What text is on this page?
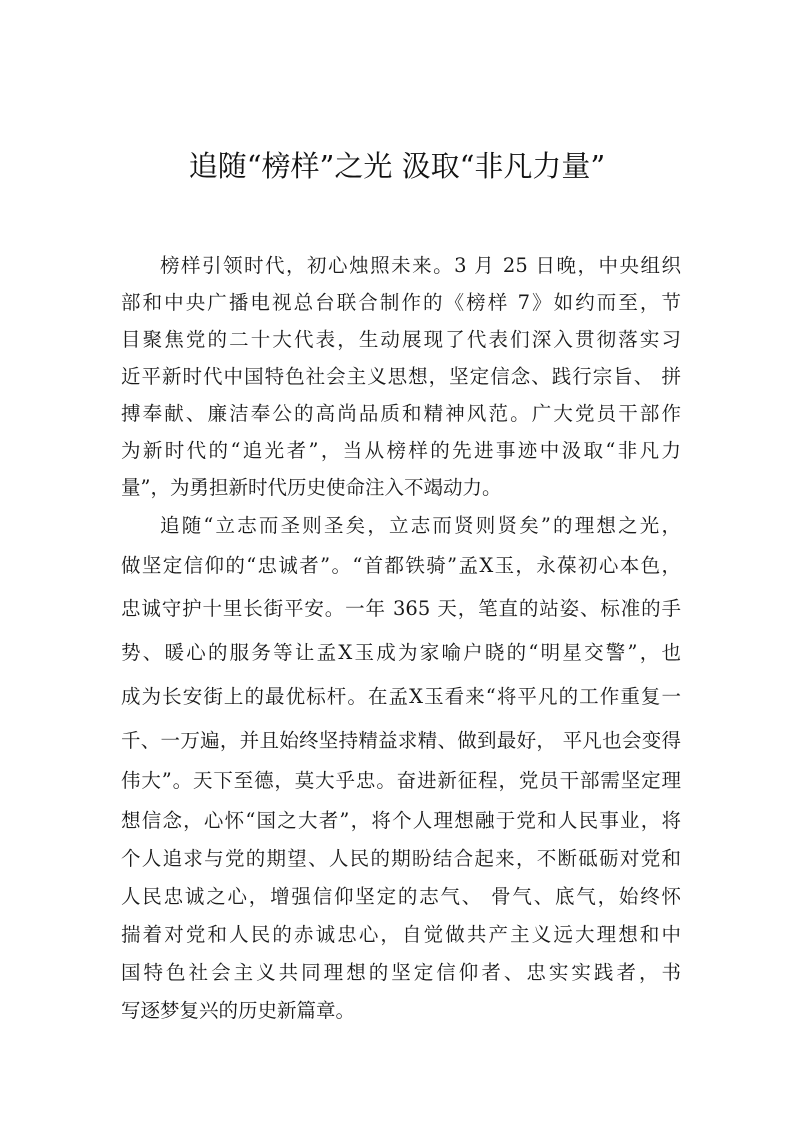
追随“榜样”之光 汲取“非凡力量”
榜样引领时代，初心烛照未来。3 月 25 日晚，中央组织
部和中央广播电视总台联合制作的《榜样 7》如约而至，节
目聚焦党的二十大代表，生动展现了代表们深入贯彻落实习
近平新时代中国特色社会主义思想，坚定信念、践行宗旨、 拼
搏奉献、廉洁奉公的高尚品质和精神风范。广大党员干部作
为新时代的“追光者”，当从榜样的先进事迹中汲取“非凡力
量”，为勇担新时代历史使命注入不竭动力。
追随“立志而圣则圣矣，立志而贤则贤矣”的理想之光，
做坚定信仰的“忠诚者”。“首都铁骑”孟X玉，永葆初心本色，
忠诚守护十里长街平安。一年 365 天，笔直的站姿、标准的手
势、暖心的服务等让孟X玉成为家喻户晓的“明星交警”，也
成为长安街上的最优标杆。在孟X玉看来“将平凡的工作重复一
千、一万遍，并且始终坚持精益求精、做到最好， 平凡也会变得
伟大”。天下至德，莫大乎忠。奋进新征程，党员干部需坚定理
想信念，心怀“国之大者”，将个人理想融于党和人民事业，将
个人追求与党的期望、人民的期盼结合起来，不断砥砺对党和
人民忠诚之心，增强信仰坚定的志气、 骨气、底气，始终怀
揣着对党和人民的赤诚忠心，自觉做共产主义远大理想和中
国特色社会主义共同理想的坚定信仰者、忠实实践者，书
写逐梦复兴的历史新篇章。
